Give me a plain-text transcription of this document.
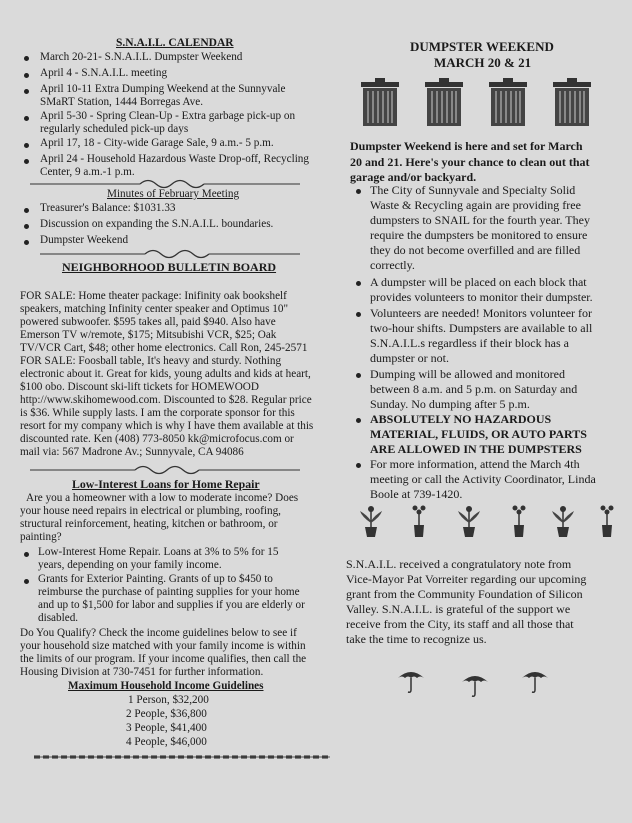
S.N.A.I.L. CALENDAR
March 20-21- S.N.A.I.L. Dumpster Weekend
April 4 - S.N.A.I.L. meeting
April 10-11 Extra Dumping Weekend at the Sunnyvale
SMaRT Station, 1444 Borregas Ave.
April 5-30 - Spring Clean-Up - Extra garbage pick-up on
regularly scheduled pick-up days
April 17, 18 - City-wide Garage Sale, 9 a.m.- 5 p.m.
April 24 - Household Hazardous Waste Drop-off, Recycling
Center, 9 a.m.-1 p.m.
Minutes of February Meeting
Treasurer's Balance: $1031.33
Discussion on expanding the S.N.A.I.L. boundaries.
Dumpster Weekend
NEIGHBORHOOD BULLETIN BOARD
FOR SALE: Home theater package: Inifinity oak bookshelf
speakers, matching Infinity center speaker and Optimus 10"
powered subwoofer. $595 takes all, paid $940. Also have
Emerson TV w/remote, $175; Mitsubishi VCR, $25; Oak
TV/VCR Cart, $48; other home electronics. Call Ron, 245-2571
FOR SALE: Foosball table, It's heavy and sturdy. Nothing
electronic about it. Great for kids, young adults and kids at heart,
$100 obo. Discount ski-lift tickets for HOMEWOOD
http://www.skihomewood.com. Discounted to $28. Regular price
is $36. While supply lasts. I am the corporate sponsor for this
resort for my company which is why I have them available at this
discounted rate. Ken (408) 773-8050 kk@microfocus.com or
mail via: 567 Madrone Av.; Sunnyvale, CA 94086
Low-Interest Loans for Home Repair
Are you a homeowner with a low to moderate income? Does
your house need repairs in electrical or plumbing, roofing,
structural reinforcement, heating, kitchen or bathroom, or
painting?
Low-Interest Home Repair. Loans at 3% to 5% for 15
years, depending on your family income.
Grants for Exterior Painting. Grants of up to $450 to
reimburse the purchase of painting supplies for your home
and up to $1,500 for labor and supplies if you are elderly or
disabled.
Do You Qualify? Check the income guidelines below to see if
your household size matched with your family income is within
the limits of our program. If your income qualifies, then call the
Housing Division at 730-7451 for further information.
Maximum Household Income Guidelines
1 Person, $32,200
2 People, $36,800
3 People, $41,400
4 People, $46,000
DUMPSTER WEEKEND
MARCH 20 & 21
Dumpster Weekend is here and set for March
20 and 21. Here's your chance to clean out that
garage and/or backyard.
The City of Sunnyvale and Specialty Solid
Waste & Recycling again are providing free
dumpsters to SNAIL for the fourth year. They
require the dumpsters be monitored to ensure
they do not become overfilled and are filled
correctly.
A dumpster will be placed on each block that
provides volunteers to monitor their dumpster.
Volunteers are needed! Monitors volunteer for
two-hour shifts. Dumpsters are available to all
S.N.A.I.L.s regardless if their block has a
dumpster or not.
Dumping will be allowed and monitored
between 8 a.m. and 5 p.m. on Saturday and
Sunday. No dumping after 5 p.m.
ABSOLUTELY NO HAZARDOUS
MATERIAL, FLUIDS, OR AUTO PARTS
ARE ALLOWED IN THE DUMPSTERS
For more information, attend the March 4th
meeting or call the Activity Coordinator, Linda
Boole at 739-1420.
S.N.A.I.L. received a congratulatory note from
Vice-Mayor Pat Vorreiter regarding our upcoming
grant from the Community Foundation of Silicon
Valley. S.N.A.I.L. is grateful of the support we
receive from the City, its staff and all those that
take the time to recognize us.
